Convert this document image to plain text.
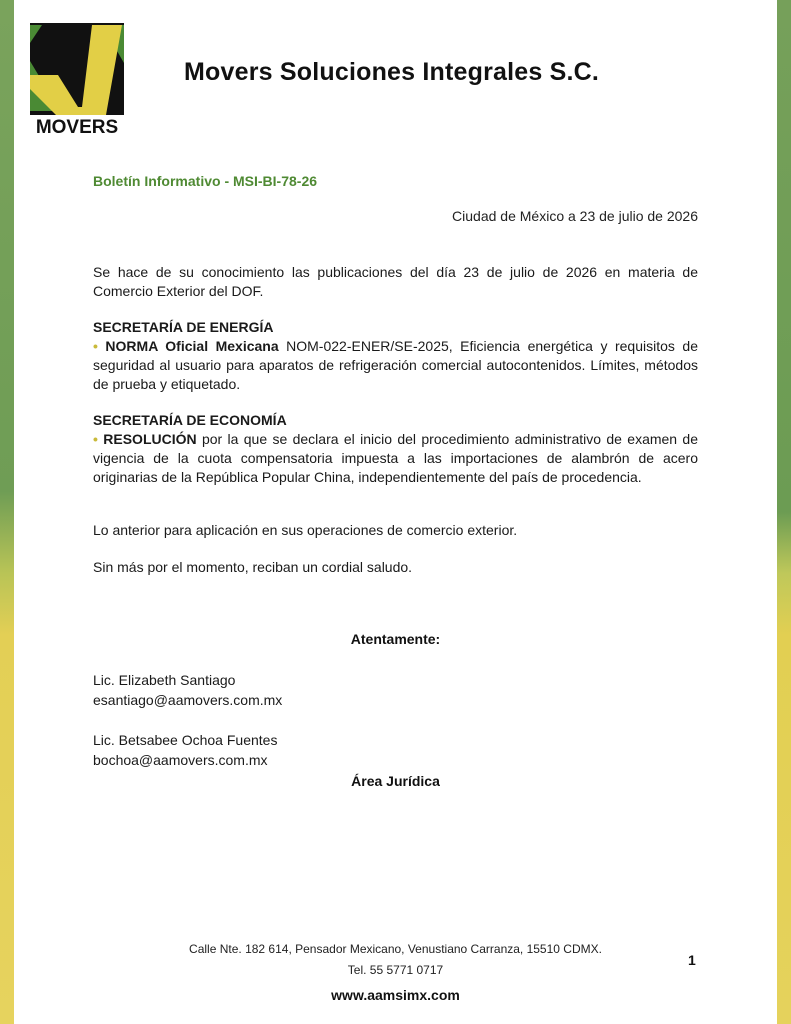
MOVERS
Movers Soluciones Integrales S.C.
Boletín Informativo - MSI-BI-78-26
Ciudad de México a 23 de julio de 2026
Se hace de su conocimiento las publicaciones del día 23 de julio de 2026 en materia de Comercio Exterior del DOF.
SECRETARÍA DE ENERGÍA
• NORMA Oficial Mexicana NOM-022-ENER/SE-2025, Eficiencia energética y requisitos de seguridad al usuario para aparatos de refrigeración comercial autocontenidos. Límites, métodos de prueba y etiquetado.
SECRETARÍA DE ECONOMÍA
• RESOLUCIÓN por la que se declara el inicio del procedimiento administrativo de examen de vigencia de la cuota compensatoria impuesta a las importaciones de alambrón de acero originarias de la República Popular China, independientemente del país de procedencia.
Lo anterior para aplicación en sus operaciones de comercio exterior.
Sin más por el momento, reciban un cordial saludo.
Atentamente:
Lic. Elizabeth Santiago
esantiago@aamovers.com.mx
Lic. Betsabee Ochoa Fuentes
bochoa@aamovers.com.mx
Área Jurídica
Calle Nte. 182 614, Pensador Mexicano, Venustiano Carranza, 15510 CDMX.
Tel. 55 5771 0717
www.aamsimx.com
1
